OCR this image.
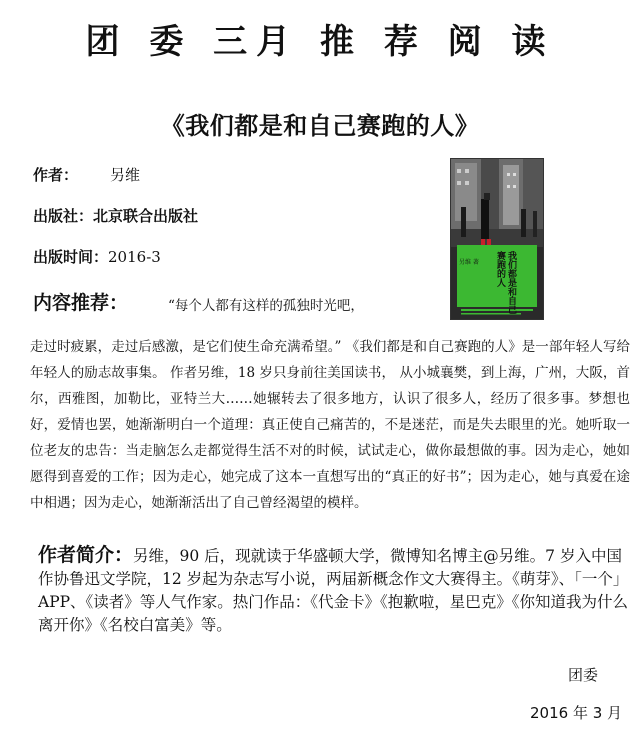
团 委 三月 推 荐 阅 读
《我们都是和自己赛跑的人》
作者： 另维
出版社：北京联合出版社
出版时间：2016-3	我们都是和自己赛跑的人
另维 著
内容推荐：	“每个人都有这样的孤独时光吧，

走过时疲累，走过后感激，是它们使生命充满希望。” 《我们都是和自己赛跑的人》是一部年轻人写给年轻人的励志故事集。 作者另维，18 岁只身前往美国读书， 从小城襄樊，到上海，广州，大阪，首尔，西雅图，加勒比，亚特兰大……她辗转去了很多地方，认识了很多人，经历了很多事。梦想也好，爱情也罢，她渐渐明白一个道理：真正使自己痛苦的，不是迷茫，而是失去眼里的光。她听取一位老友的忠告：当走脑怎么走都觉得生活不对的时候，试试走心，做你最想做的事。因为走心，她如愿得到喜爱的工作；因为走心，她完成了这本一直想写出的“真正的好书”；因为走心，她与真爱在途中相遇；因为走心，她渐渐活出了自己曾经渴望的模样。

作者简介：另维，90 后，现就读于华盛顿大学，微博知名博主@另维。7 岁入中国作协鲁迅文学院，12 岁起为杂志写小说，两届新概念作文大赛得主。《萌芽》、「一个」APP、《读者》等人气作家。热门作品：《代金卡》《抱歉啦，星巴克》《你知道我为什么离开你》《名校白富美》等。

团委
2016 年 3 月
